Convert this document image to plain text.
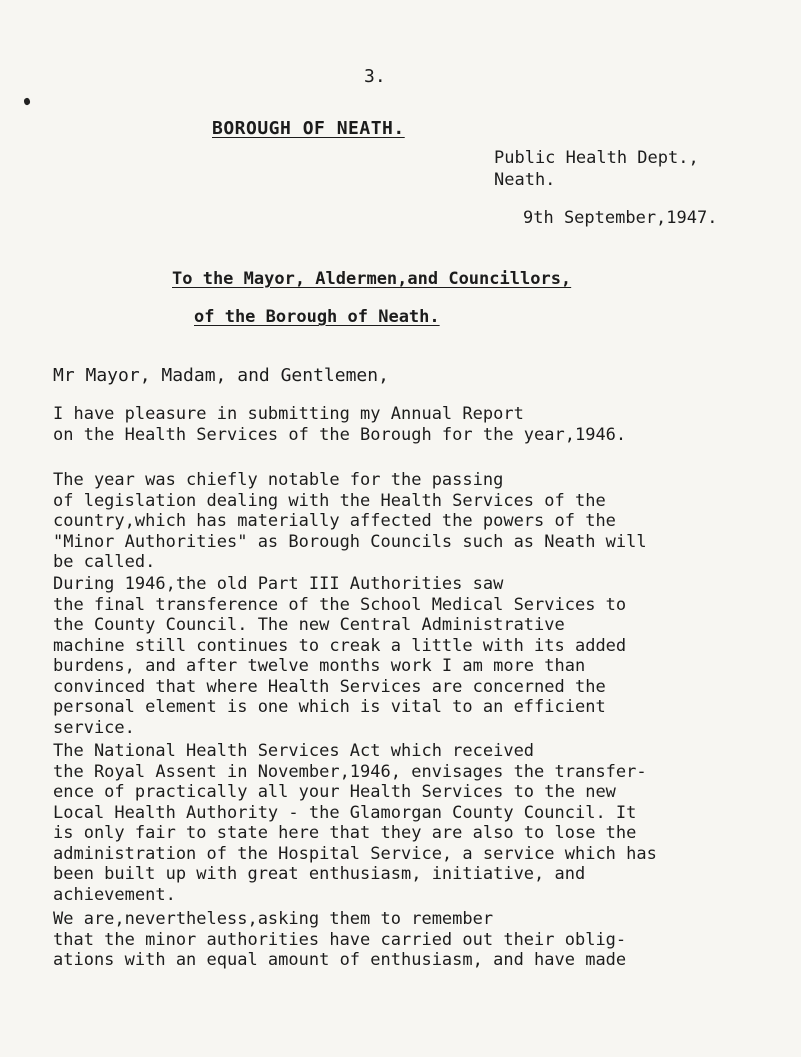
3.
BOROUGH OF NEATH.
Public Health Dept.,
Neath.
9th September,1947.
To the Mayor, Aldermen,and Councillors,
of the Borough of Neath.
Mr Mayor, Madam, and Gentlemen,
I have pleasure in submitting my Annual Report
on the Health Services of the Borough for the year,1946.
The year was chiefly notable for the passing
of legislation dealing with the Health Services of the
country,which has materially affected the powers of the
"Minor Authorities" as Borough Councils such as Neath will
be called.
During 1946,the old Part III Authorities saw
the final transference of the School Medical Services to
the County Council. The new Central Administrative
machine still continues to creak a little with its added
burdens, and after twelve months work I am more than
convinced that where Health Services are concerned the
personal element is one which is vital to an efficient
service.
The National Health Services Act which received
the Royal Assent in November,1946, envisages the transfer-
ence of practically all your Health Services to the new
Local Health Authority - the Glamorgan County Council. It
is only fair to state here that they are also to lose the
administration of the Hospital Service, a service which has
been built up with great enthusiasm, initiative, and
achievement.
We are,nevertheless,asking them to remember
that the minor authorities have carried out their oblig-
ations with an equal amount of enthusiasm, and have made
